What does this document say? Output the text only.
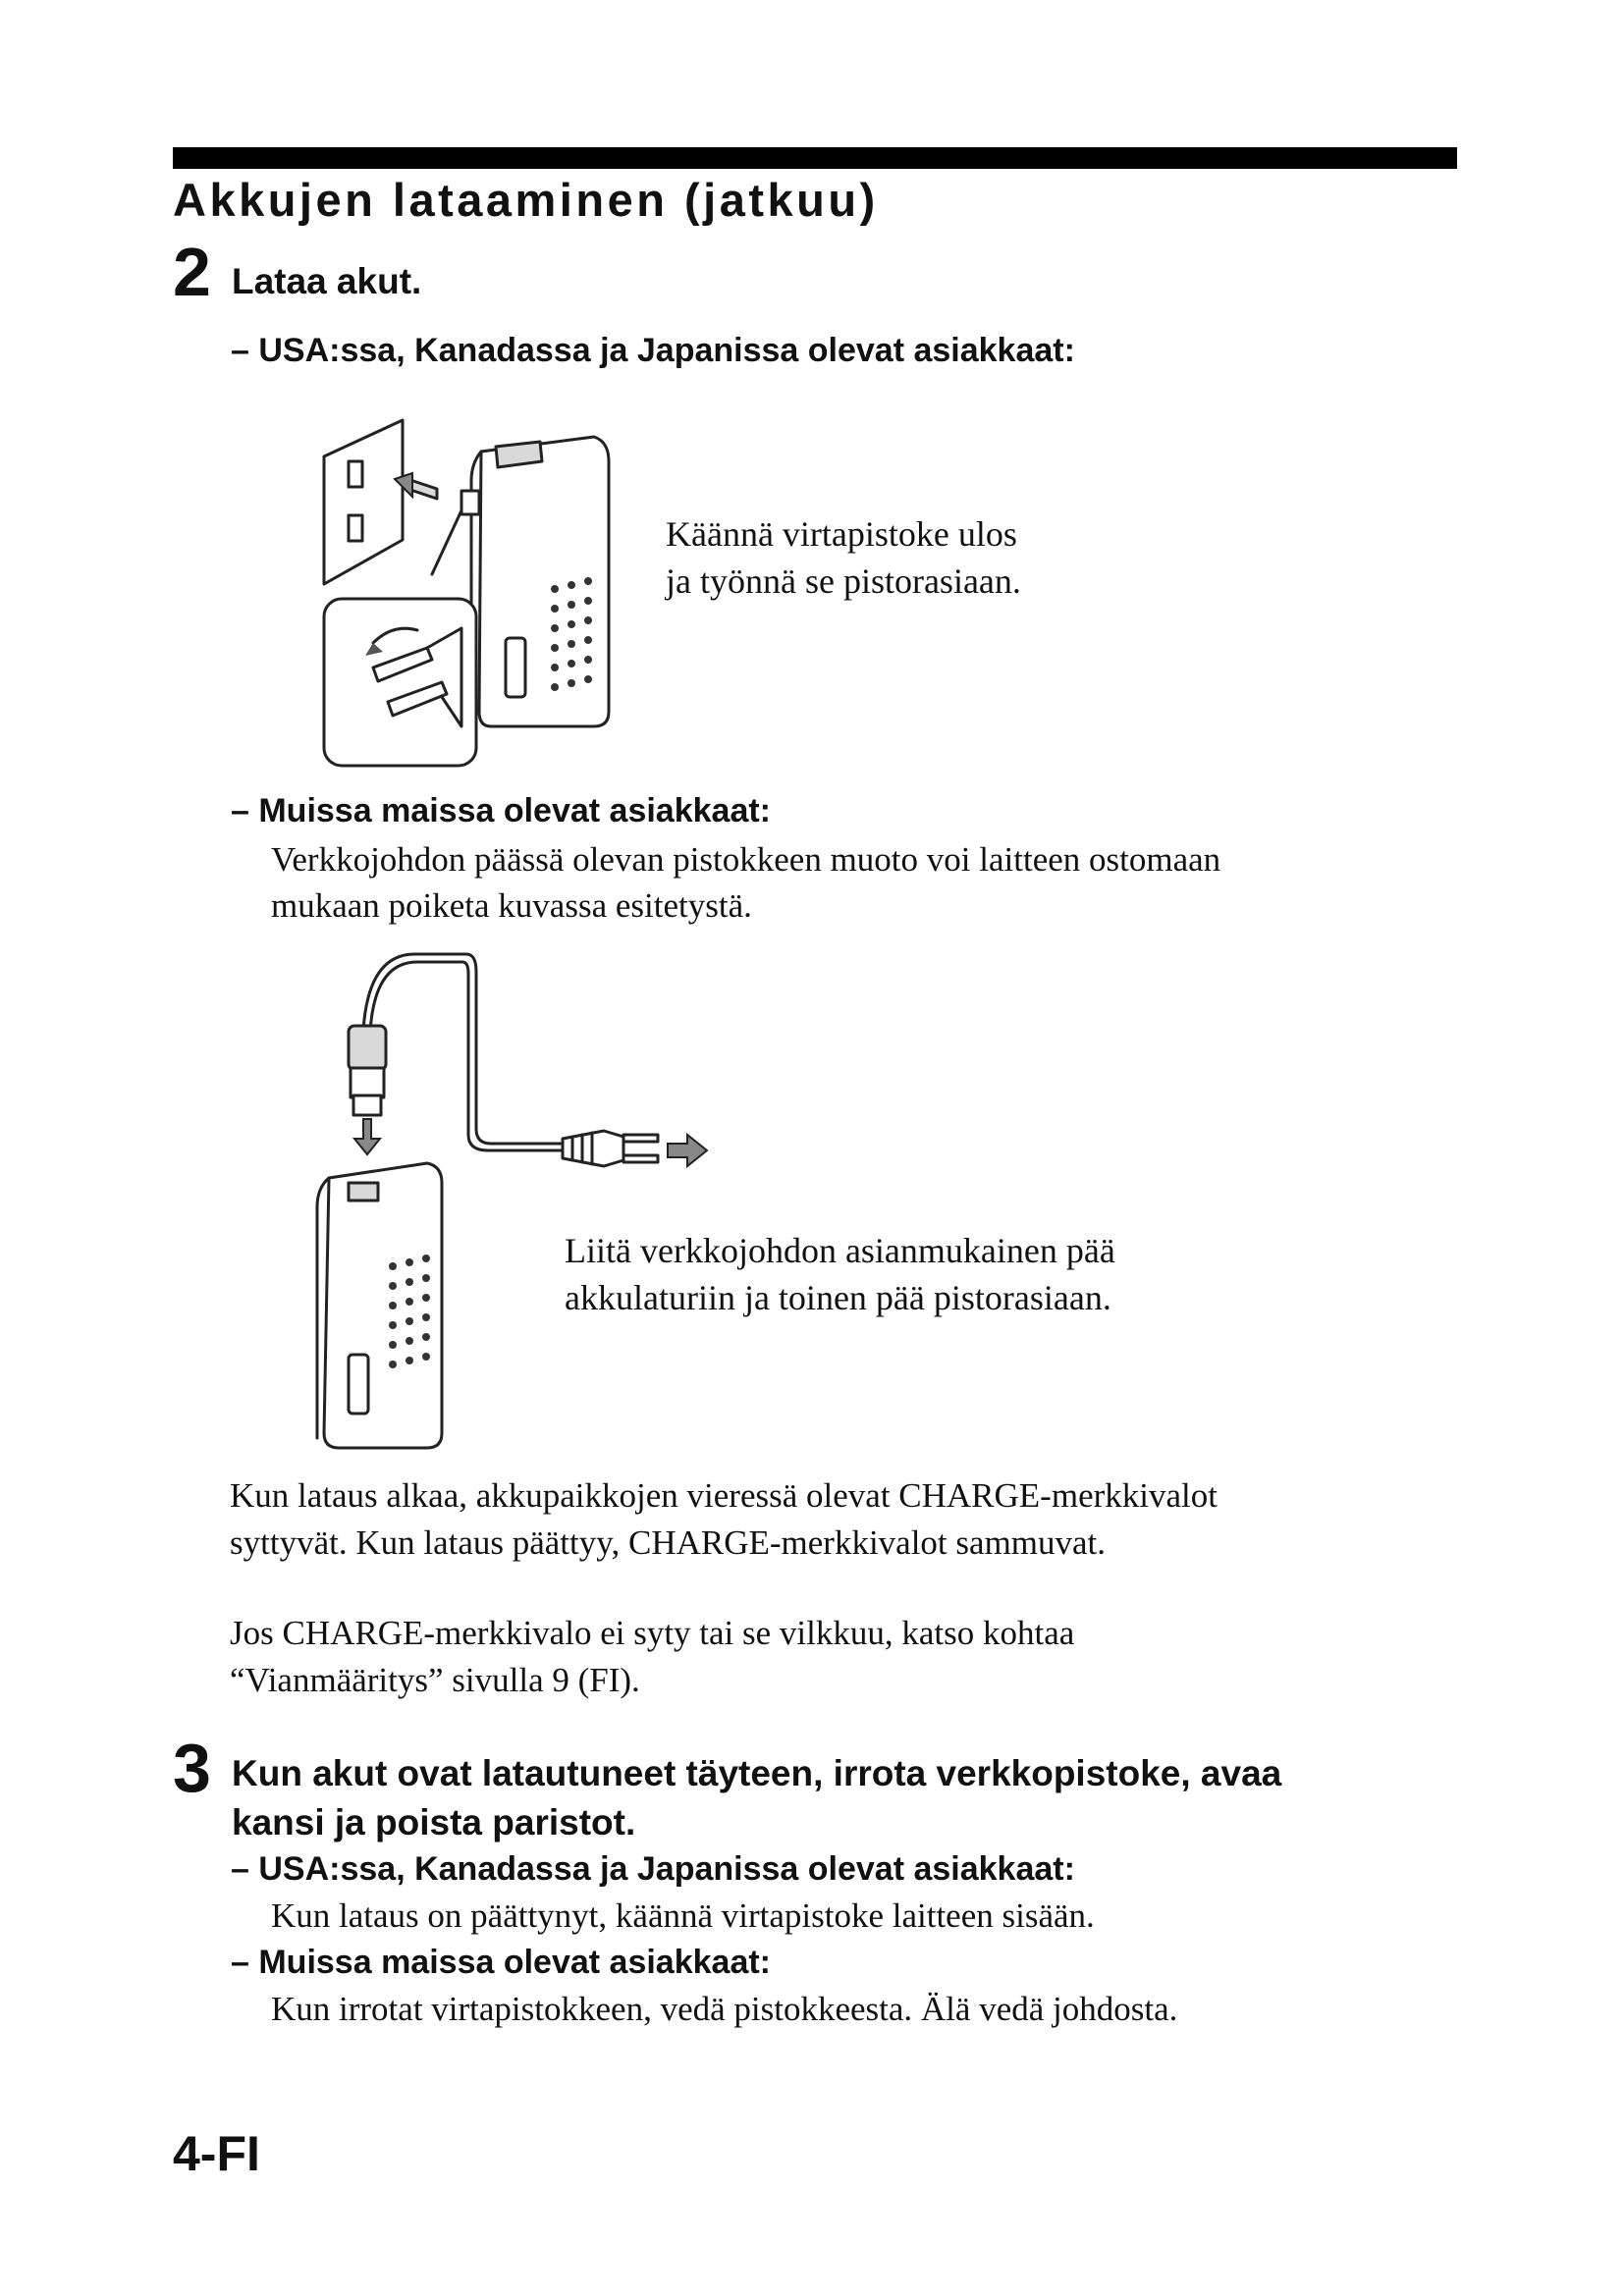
Akkujen lataaminen (jatkuu)
2 Lataa akut.
– USA:ssa, Kanadassa ja Japanissa olevat asiakkaat:
Käännä virtapistoke ulos
ja työnnä se pistorasiaan.
– Muissa maissa olevat asiakkaat:
Verkkojohdon päässä olevan pistokkeen muoto voi laitteen ostomaan
mukaan poiketa kuvassa esitetystä.
Liitä verkkojohdon asianmukainen pää
akkulaturiin ja toinen pää pistorasiaan.
Kun lataus alkaa, akkupaikkojen vieressä olevat CHARGE-merkkivalot
syttyvät. Kun lataus päättyy, CHARGE-merkkivalot sammuvat.
Jos CHARGE-merkkivalo ei syty tai se vilkkuu, katso kohtaa
“Vianmääritys” sivulla 9 (FI).
3 Kun akut ovat latautuneet täyteen, irrota verkkopistoke, avaa
kansi ja poista paristot.
– USA:ssa, Kanadassa ja Japanissa olevat asiakkaat:
Kun lataus on päättynyt, käännä virtapistoke laitteen sisään.
– Muissa maissa olevat asiakkaat:
Kun irrotat virtapistokkeen, vedä pistokkeesta. Älä vedä johdosta.
4-FI
